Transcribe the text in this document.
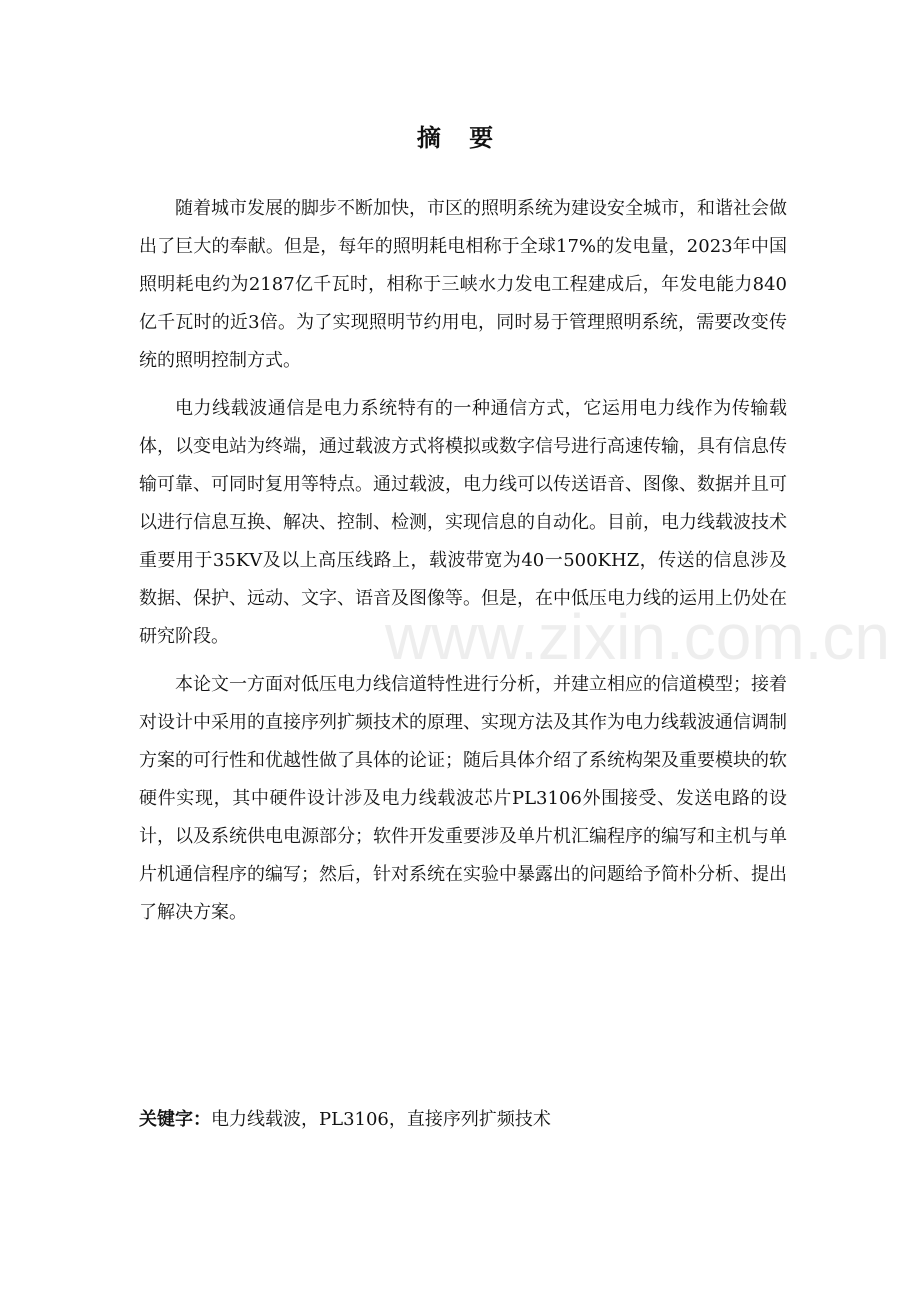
摘 要

随着城市发展的脚步不断加快，市区的照明系统为建设安全城市，和谐社会做出了巨大的奉献。但是，每年的照明耗电相称于全球17%的发电量，2023年中国照明耗电约为2187亿千瓦时，相称于三峡水力发电工程建成后，年发电能力840亿千瓦时的近3倍。为了实现照明节约用电，同时易于管理照明系统，需要改变传统的照明控制方式。

电力线载波通信是电力系统特有的一种通信方式，它运用电力线作为传输载体，以变电站为终端，通过载波方式将模拟或数字信号进行高速传输，具有信息传输可靠、可同时复用等特点。通过载波，电力线可以传送语音、图像、数据并且可以进行信息互换、解决、控制、检测，实现信息的自动化。目前，电力线载波技术重要用于35KV及以上高压线路上，载波带宽为40一500KHZ，传送的信息涉及数据、保护、远动、文字、语音及图像等。但是，在中低压电力线的运用上仍处在研究阶段。

本论文一方面对低压电力线信道特性进行分析，并建立相应的信道模型；接着对设计中采用的直接序列扩频技术的原理、实现方法及其作为电力线载波通信调制方案的可行性和优越性做了具体的论证；随后具体介绍了系统构架及重要模块的软硬件实现，其中硬件设计涉及电力线载波芯片PL3106外围接受、发送电路的设计，以及系统供电电源部分；软件开发重要涉及单片机汇编程序的编写和主机与单片机通信程序的编写；然后，针对系统在实验中暴露出的问题给予简朴分析、提出了解决方案。

关键字：电力线载波，PL3106，直接序列扩频技术
www.zixin.com.cn
